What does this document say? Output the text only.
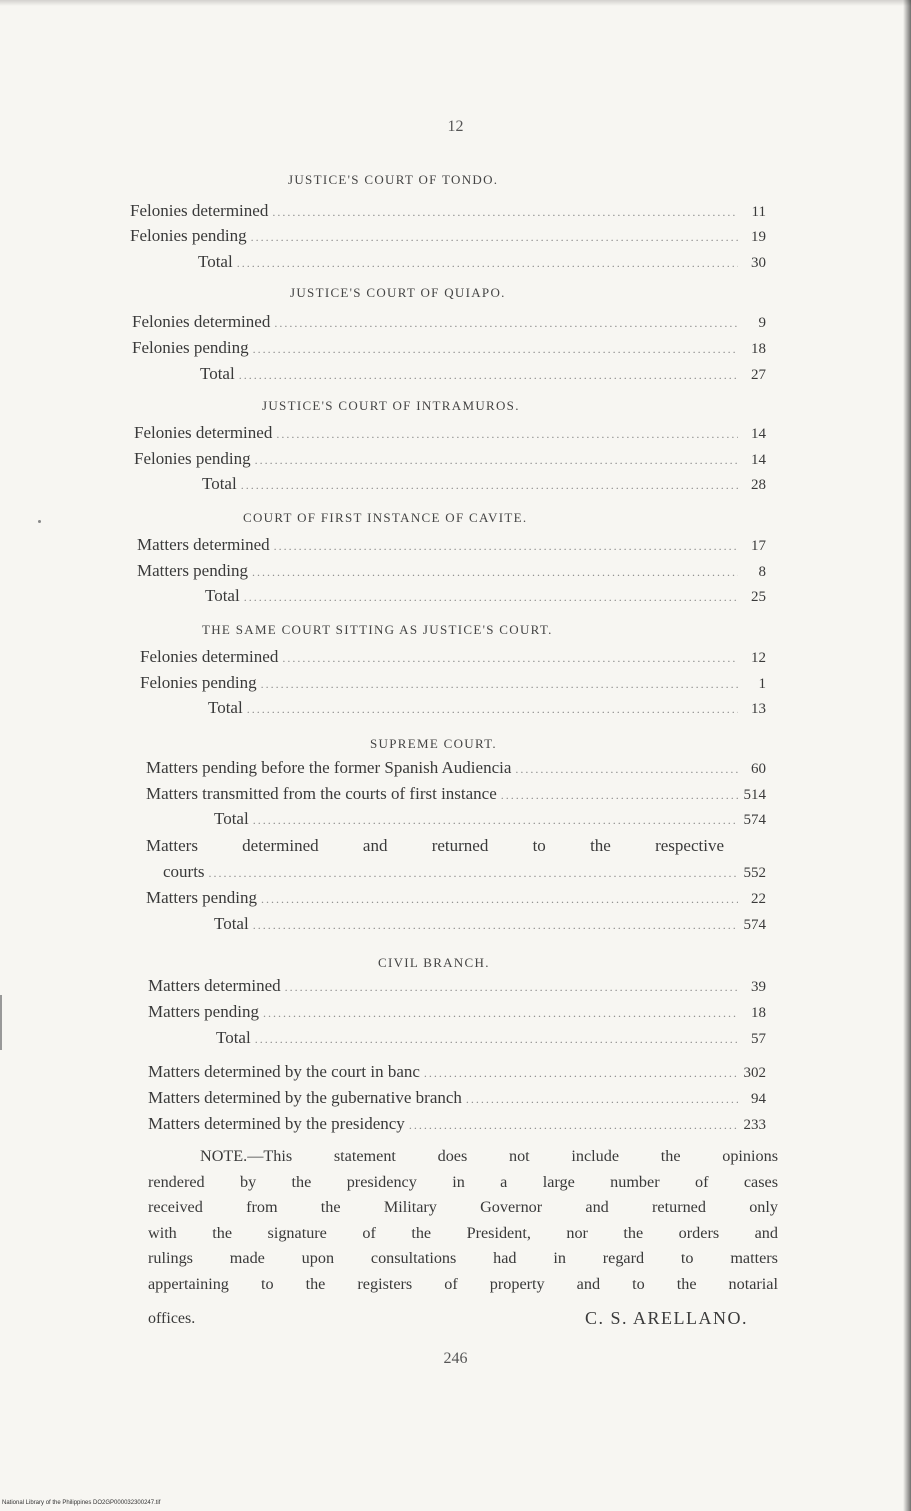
12
JUSTICE'S COURT OF TONDO.
Felonies determined .....	11
Felonies pending .....	19
Total .....	30
JUSTICE'S COURT OF QUIAPO.
Felonies determined .....	9
Felonies pending .....	18
Total .....	27
JUSTICE'S COURT OF INTRAMUROS.
Felonies determined .....	14
Felonies pending .....	14
Total .....	28
COURT OF FIRST INSTANCE OF CAVITE.
Matters determined .....	17
Matters pending .....	8
Total .....	25
THE SAME COURT SITTING AS JUSTICE'S COURT.
Felonies determined .....	12
Felonies pending .....	1
Total .....	13
SUPREME COURT.
Matters pending before the former Spanish Audiencia .....	60
Matters transmitted from the courts of first instance .....	514
Total .....	574
Matters determined and returned to the respective
courts .....	552
Matters pending .....	22
Total .....	574
CIVIL BRANCH.
Matters determined .....	39
Matters pending .....	18
Total .....	57
Matters determined by the court in banc .....	302
Matters determined by the gubernative branch .....	94
Matters determined by the presidency .....	233
NOTE.—This statement does not include the opinions
rendered by the presidency in a large number of cases
received from the Military Governor and returned only
with the signature of the President, nor the orders and
rulings made upon consultations had in regard to matters
appertaining to the registers of property and to the notarial
offices.	C. S. ARELLANO.
246
National Library of the Philippines DO2GP000032300247.tif
